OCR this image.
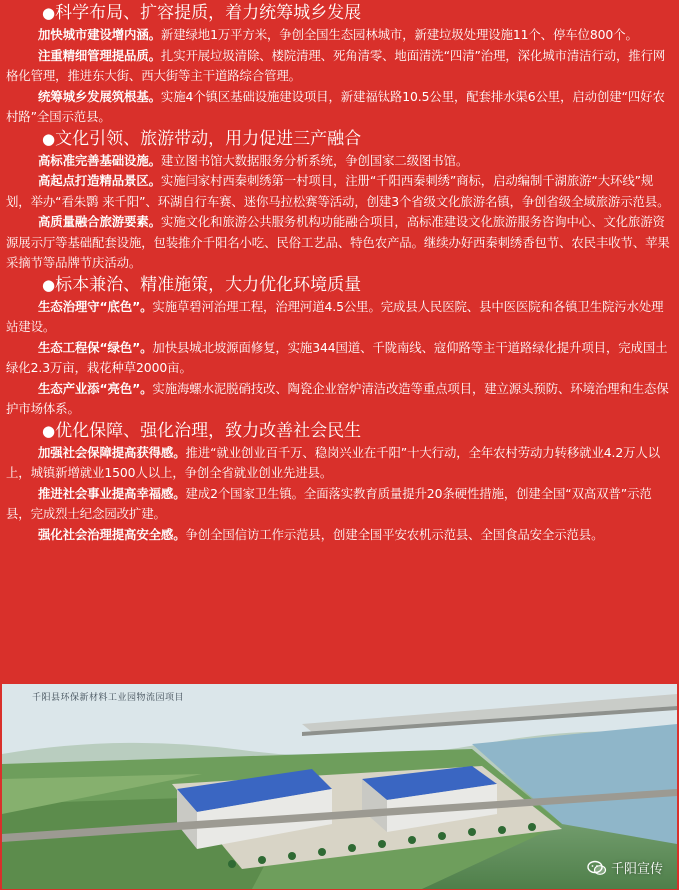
●科学布局、扩容提质，着力统筹城乡发展

加快城市建设增内涵。新建绿地1万平方米，争创全国生态园林城市，新建垃圾处理设施11个、停车位800个。

注重精细管理提品质。扎实开展垃圾清除、楼院清理、死角清零、地面清洗“四清”治理，深化城市清洁行动，推行网格化管理，推进东大街、西大街等主干道路综合管理。

统筹城乡发展筑根基。实施4个镇区基础设施建设项目，新建福钛路10.5公里，配套排水渠6公里，启动创建“四好农村路”全国示范县。

●文化引领、旅游带动，用力促进三产融合

高标准完善基础设施。建立图书馆大数据服务分析系统，争创国家二级图书馆。

高起点打造精品景区。实施闫家村西秦刺绣第一村项目，注册“千阳西秦刺绣”商标，启动编制千湖旅游“大环线”规划，举办“看朱鹮 来千阳”、环湖自行车赛、迷你马拉松赛等活动，创建3个省级文化旅游名镇，争创省级全域旅游示范县。

高质量融合旅游要素。实施文化和旅游公共服务机构功能融合项目，高标准建设文化旅游服务咨询中心、文化旅游资源展示厅等基础配套设施，包装推介千阳名小吃、民俗工艺品、特色农产品。继续办好西秦刺绣香包节、农民丰收节、苹果采摘节等品牌节庆活动。

●标本兼治、精准施策，大力优化环境质量

生态治理守“底色”。实施草碧河治理工程，治理河道4.5公里。完成县人民医院、县中医医院和各镇卫生院污水处理站建设。

生态工程保“绿色”。加快县城北坡源面修复，实施344国道、千陇南线、寇仰路等主干道路绿化提升项目，完成国土绿化2.3万亩，栽花种草2000亩。

生态产业添“亮色”。实施海螺水泥脱硝技改、陶瓷企业窑炉清洁改造等重点项目，建立源头预防、环境治理和生态保护市场体系。

●优化保障、强化治理，致力改善社会民生

加强社会保障提高获得感。推进“就业创业百千万、稳岗兴业在千阳”十大行动，全年农村劳动力转移就业4.2万人以上，城镇新增就业1500人以上，争创全省就业创业先进县。

推进社会事业提高幸福感。建成2个国家卫生镇。全面落实教育质量提升20条硬性措施，创建全国“双高双普”示范县，完成烈士纪念园改扩建。

强化社会治理提高安全感。争创全国信访工作示范县，创建全国平安农机示范县、全国食品安全示范县。

千阳县环保新材料工业园物流园项目
千阳宣传
